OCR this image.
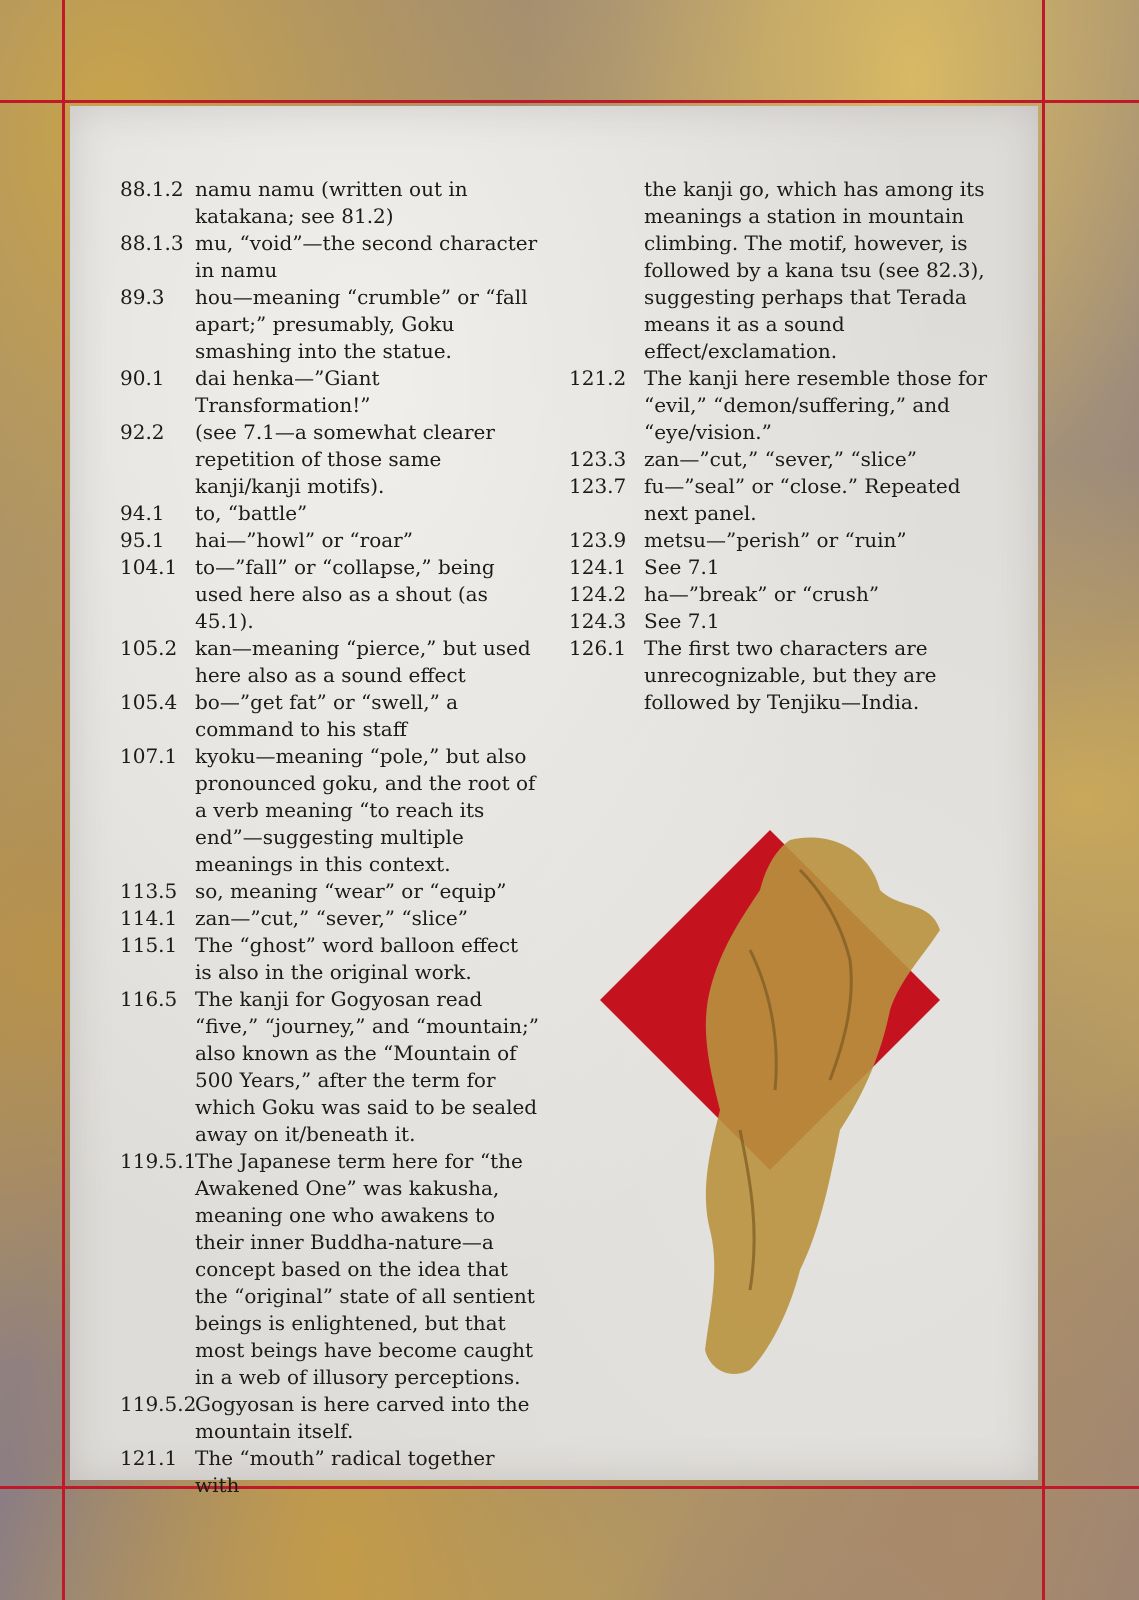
88.1.2 namu namu (written out in katakana; see 81.2)
88.1.3 mu, “void”—the second character in namu
89.3	hou—meaning “crumble” or “fall apart;” presumably, Goku smashing into the statue.
90.1	dai henka—”Giant Transformation!”
92.2	(see 7.1—a somewhat clearer repetition of those same kanji/kanji motifs).
94.1	to, “battle”
95.1	hai—”howl” or “roar”
104.1 to—”fall” or “collapse,” being used here also as a shout (as 45.1).
105.2 kan—meaning “pierce,” but used here also as a sound effect
105.4 bo—”get fat” or “swell,” a command to his staff
107.1 kyoku—meaning “pole,” but also pronounced goku, and the root of a verb meaning “to reach its end”—suggesting multiple meanings in this context.
113.5 so, meaning “wear” or “equip”
114.1 zan—”cut,” “sever,” “slice”
115.1 The “ghost” word balloon effect is also in the original work.
116.5 The kanji for Gogyosan read “five,” “journey,” and “mountain;” also known as the “Mountain of 500 Years,” after the term for which Goku was said to be sealed away on it/beneath it.
119.5.1
The Japanese term here for “the Awakened One” was kakusha, meaning one who awakens to their inner Buddha-nature—a concept based on the idea that the “original” state of all sentient beings is enlightened, but that most beings have become caught in a web of illusory perceptions.
119.5.2
Gogyosan is here carved into the mountain itself.
121.1 The “mouth” radical together with
the kanji go, which has among its meanings a station in mountain climbing. The motif, however, is followed by a kana tsu (see 82.3), suggesting perhaps that Terada means it as a sound effect/exclamation.
121.2 The kanji here resemble those for “evil,” “demon/suffering,” and “eye/vision.”
123.3 zan—”cut,” “sever,” “slice”
123.7 fu—”seal” or “close.” Repeated next panel.
123.9 metsu—”perish” or “ruin”
124.1 See 7.1
124.2 ha—”break” or “crush”
124.3 See 7.1
126.1 The first two characters are unrecognizable, but they are followed by Tenjiku—India.
